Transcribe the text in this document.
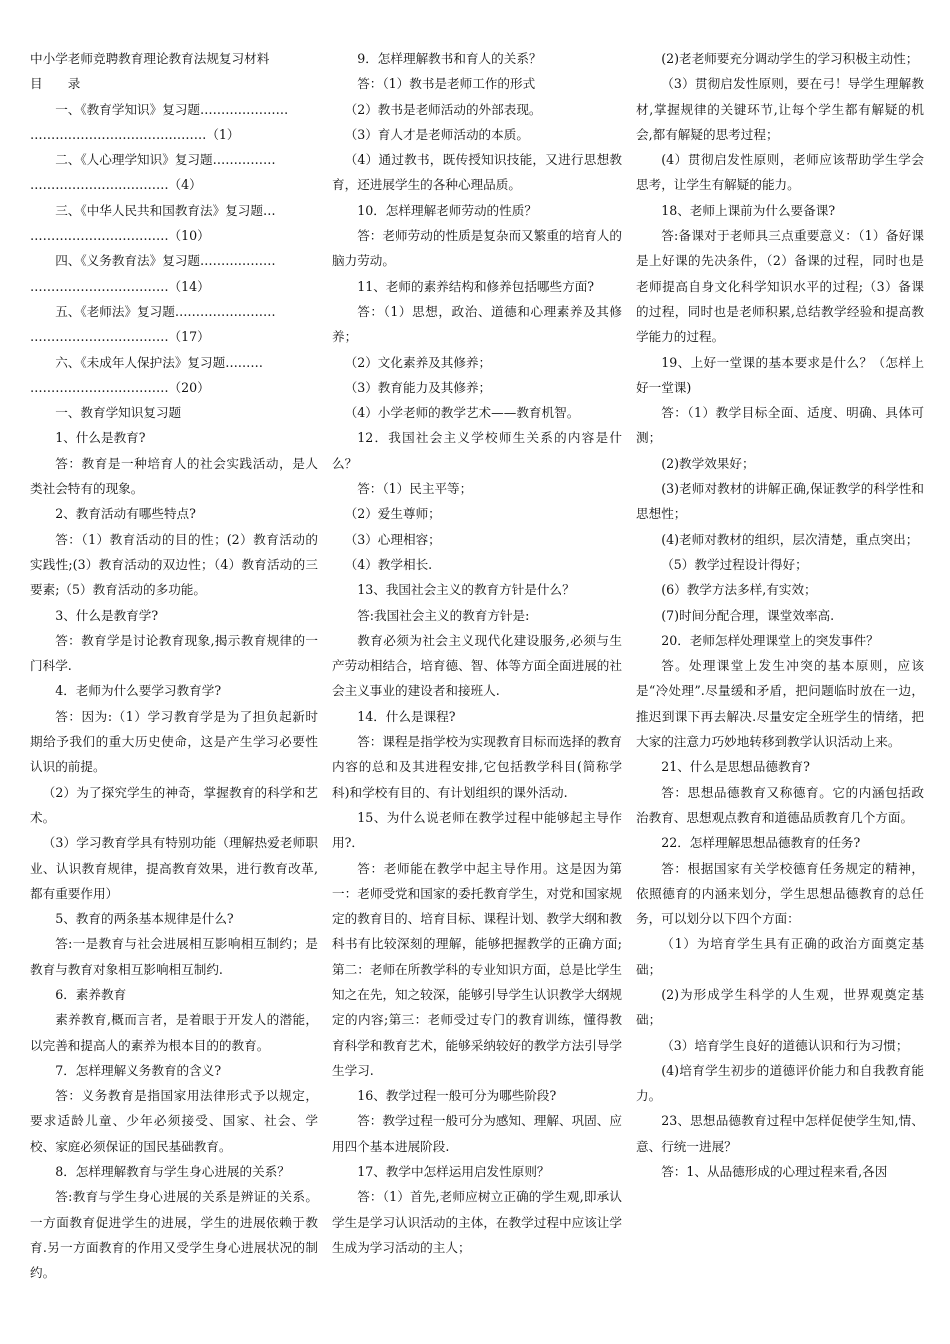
中小学老师竞聘教育理论教育法规复习材料

目　　录

一、《教育学知识》复习题…………………

……………………………………（1）

二、《人心理学知识》复习题……………

……………………………（4）

三、《中华人民共和国教育法》复习题…

……………………………（10）

四、《义务教育法》复习题………………

……………………………（14）

五、《老师法》复习题……………………

……………………………（17）

六、《未成年人保护法》复习题………

……………………………（20）

一、教育学知识复习题

1、什么是教育?

答：教育是一种培育人的社会实践活动，是人类社会特有的现象。

2、教育活动有哪些特点?

答：（1）教育活动的目的性；(2）教育活动的实践性;(3）教育活动的双边性；（4）教育活动的三要素;（5）教育活动的多功能。

3、什么是教育学?

答：教育学是讨论教育现象,揭示教育规律的一门科学.

4．老师为什么要学习教育学?

答：因为:（1）学习教育学是为了担负起新时期给予我们的重大历史使命，这是产生学习必要性认识的前提。

（2）为了探究学生的神奇，掌握教育的科学和艺术。

（3）学习教育学具有特别功能（理解热爱老师职业、认识教育规律，提高教育效果，进行教育改革,都有重要作用）

5、教育的两条基本规律是什么?

答:一是教育与社会进展相互影响相互制约；是教育与教育对象相互影响相互制约.

6．素养教育

素养教育,概而言者，是着眼于开发人的潜能，以完善和提高人的素养为根本目的的教育。

7．怎样理解义务教育的含义?

答：义务教育是指国家用法律形式予以规定，要求适龄儿童、少年必须接受、国家、社会、学校、家庭必须保证的国民基础教育。

8．怎样理解教育与学生身心进展的关系？

答:教育与学生身心进展的关系是辨证的关系。一方面教育促进学生的进展，学生的进展依赖于教育.另一方面教育的作用又受学生身心进展状况的制约。

9．怎样理解教书和育人的关系？

答：（1）教书是老师工作的形式

（2）教书是老师活动的外部表现。

（3）育人才是老师活动的本质。

（4）通过教书，既传授知识技能，又进行思想教育，还进展学生的各种心理品质。

10．怎样理解老师劳动的性质？

答：老师劳动的性质是复杂而又繁重的培育人的脑力劳动。

11、老师的素养结构和修养包括哪些方面?

答：（1）思想，政治、道德和心理素养及其修养；

（2）文化素养及其修养；

（3）教育能力及其修养；

（4）小学老师的教学艺术——教育机智。

12．我国社会主义学校师生关系的内容是什么？

答：（1）民主平等；

（2）爱生尊师；

（3）心理相容；

（4）教学相长.

13、我国社会主义的教育方针是什么？

答:我国社会主义的教育方针是:

教育必须为社会主义现代化建设服务,必须与生产劳动相结合，培育德、智、体等方面全面进展的社会主义事业的建设者和接班人.

14．什么是课程?

答：课程是指学校为实现教育目标而选择的教育内容的总和及其进程安排,它包括教学科目(简称学科)和学校有目的、有计划组织的课外活动.

15、为什么说老师在教学过程中能够起主导作用?．

答：老师能在教学中起主导作用。这是因为第一：老师受党和国家的委托教育学生，对党和国家规定的教育目的、培育目标、课程计划、教学大纲和教科书有比较深刻的理解，能够把握教学的正确方面;第二：老师在所教学科的专业知识方面，总是比学生知之在先，知之较深，能够引导学生认识教学大纲规定的内容;第三：老师受过专门的教育训练，懂得教育科学和教育艺术，能够采纳较好的教学方法引导学生学习.

16、教学过程一般可分为哪些阶段?

答：教学过程一般可分为感知、理解、巩固、应用四个基本进展阶段.

17、教学中怎样运用启发性原则？

答：（1）首先,老师应树立正确的学生观,即承认学生是学习认识活动的主体，在教学过程中应该让学生成为学习活动的主人；

(2)老老师要充分调动学生的学习积极主动性；

（3）贯彻启发性原则，要在弓！导学生理解教材,掌握规律的关键环节,让每个学生都有解疑的机会,都有解疑的思考过程；

(4）贯彻启发性原则，老师应该帮助学生学会思考，让学生有解疑的能力。

18、老师上课前为什么要备课?

答:备课对于老师具三点重要意义：（1）备好课是上好课的先决条件，（2）备课的过程，同时也是老师提高自身文化科学知识水平的过程;（3）备课的过程，同时也是老师积累,总结教学经验和提高教学能力的过程。

19、上好一堂课的基本要求是什么？（怎样上好一堂课)

答：（1）教学目标全面、适度、明确、具体可测；

(2)教学效果好；

(3)老师对教材的讲解正确,保证教学的科学性和思想性；

(4)老师对教材的组织，层次清楚，重点突出；

（5）教学过程设计得好；

(6）教学方法多样,有实效；

(7)时间分配合理，课堂效率高.

20．老师怎样处理课堂上的突发事件？

答。处理课堂上发生冲突的基本原则，应该是“冷处理”.尽量缓和矛盾，把问题临时放在一边，推迟到课下再去解决.尽量安定全班学生的情绪，把大家的注意力巧妙地转移到教学认识活动上来。

21、什么是思想品德教育?

答：思想品德教育又称德育。它的内涵包括政治教育、思想观点教育和道德品质教育几个方面。

22．怎样理解思想品德教育的任务?

答：根据国家有关学校德育任务规定的精神，依照德育的内涵来划分，学生思想品德教育的总任务，可以划分以下四个方面：

（1）为培育学生具有正确的政治方面奠定基础；

(2)为形成学生科学的人生观，世界观奠定基础；

（3）培育学生良好的道德认识和行为习惯；

(4)培育学生初步的道德评价能力和自我教育能力。

23、思想品德教育过程中怎样促使学生知,情、意、行统一进展？

答：1、从品德形成的心理过程来看,各因
